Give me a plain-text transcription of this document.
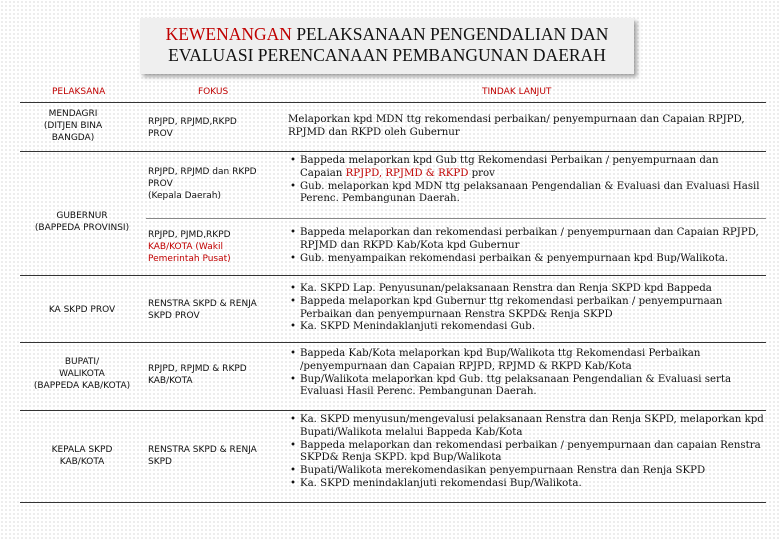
KEWENANGAN PELAKSANAAN PENGENDALIAN DAN
EVALUASI PERENCANAAN PEMBANGUNAN DAERAH
PELAKSANA	FOKUS	TINDAK LANJUT
MENDAGRI
(DITJEN BINA
BANGDA)
RPJPD, RPJMD,RKPD
PROV
Melaporkan kpd MDN ttg rekomendasi perbaikan/ penyempurnaan dan Capaian RPJPD, RPJMD dan RKPD oleh Gubernur
GUBERNUR
(BAPPEDA PROVINSI)
RPJPD, RPJMD dan RKPD
PROV
(Kepala Daerah)
• Bappeda melaporkan kpd Gub ttg Rekomendasi Perbaikan / penyempurnaan dan Capaian RPJPD, RPJMD & RKPD prov
• Gub. melaporkan kpd MDN ttg pelaksanaan Pengendalian & Evaluasi dan Evaluasi Hasil Perenc. Pembangunan Daerah.
RPJPD, PJMD,RKPD
KAB/KOTA (Wakil
Pemerintah Pusat)
• Bappeda melaporkan dan rekomendasi perbaikan / penyempurnaan dan Capaian RPJPD, RPJMD dan RKPD Kab/Kota kpd Gubernur
• Gub. menyampaikan rekomendasi perbaikan & penyempurnaan kpd Bup/Walikota.
KA SKPD PROV
RENSTRA SKPD & RENJA
SKPD PROV
• Ka. SKPD Lap. Penyusunan/pelaksanaan Renstra dan Renja SKPD kpd Bappeda
• Bappeda melaporkan kpd Gubernur ttg rekomendasi perbaikan / penyempurnaan Perbaikan dan penyempurnaan Renstra SKPD& Renja SKPD
• Ka. SKPD Menindaklanjuti rekomendasi Gub.
BUPATI/
WALIKOTA
(BAPPEDA KAB/KOTA)
RPJPD, RPJMD & RKPD
KAB/KOTA
• Bappeda Kab/Kota melaporkan kpd Bup/Walikota ttg Rekomendasi Perbaikan /penyempurnaan dan Capaian RPJPD, RPJMD & RKPD Kab/Kota
• Bup/Walikota melaporkan kpd Gub. ttg pelaksanaan Pengendalian & Evaluasi serta Evaluasi Hasil Perenc. Pembangunan Daerah.
KEPALA SKPD
KAB/KOTA
RENSTRA SKPD & RENJA
SKPD
• Ka. SKPD menyusun/mengevalusi pelaksanaan Renstra dan Renja SKPD, melaporkan kpd Bupati/Walikota melalui Bappeda Kab/Kota
• Bappeda melaporkan dan rekomendasi perbaikan / penyempurnaan dan capaian Renstra SKPD& Renja SKPD. kpd Bup/Walikota
• Bupati/Walikota merekomendasikan penyempurnaan Renstra dan Renja SKPD
• Ka. SKPD menindaklanjuti rekomendasi Bup/Walikota.
